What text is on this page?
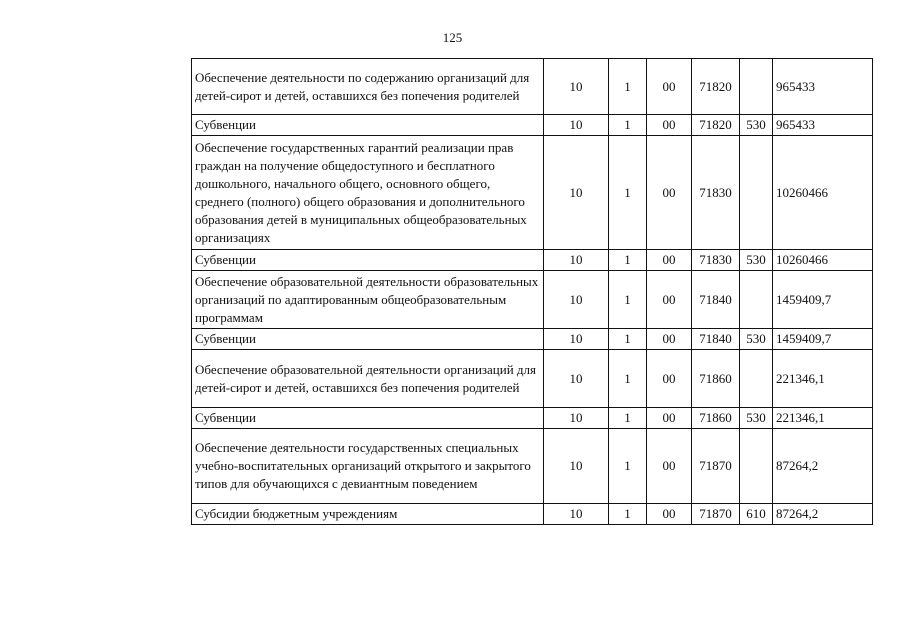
125
Обеспечение деятельности по содержанию организаций для детей-сирот и детей, оставшихся без попечения родителей	10	1	00	71820		965433
Субвенции	10	1	00	71820	530	965433
Обеспечение государственных гарантий реализации прав граждан на получение общедоступного и бесплатного дошкольного, начального общего, основного общего, среднего (полного) общего образования и дополнительного образования детей в муниципальных общеобразовательных организациях	10	1	00	71830		10260466
Субвенции	10	1	00	71830	530	10260466
Обеспечение образовательной деятельности образовательных организаций по адаптированным общеобразовательным программам	10	1	00	71840		1459409,7
Субвенции	10	1	00	71840	530	1459409,7
Обеспечение образовательной деятельности организаций для детей-сирот и детей, оставшихся без попечения родителей	10	1	00	71860		221346,1
Субвенции	10	1	00	71860	530	221346,1
Обеспечение деятельности государственных специальных учебно-воспитательных организаций открытого и закрытого типов для обучающихся с девиантным поведением	10	1	00	71870		87264,2
Субсидии бюджетным учреждениям	10	1	00	71870	610	87264,2
